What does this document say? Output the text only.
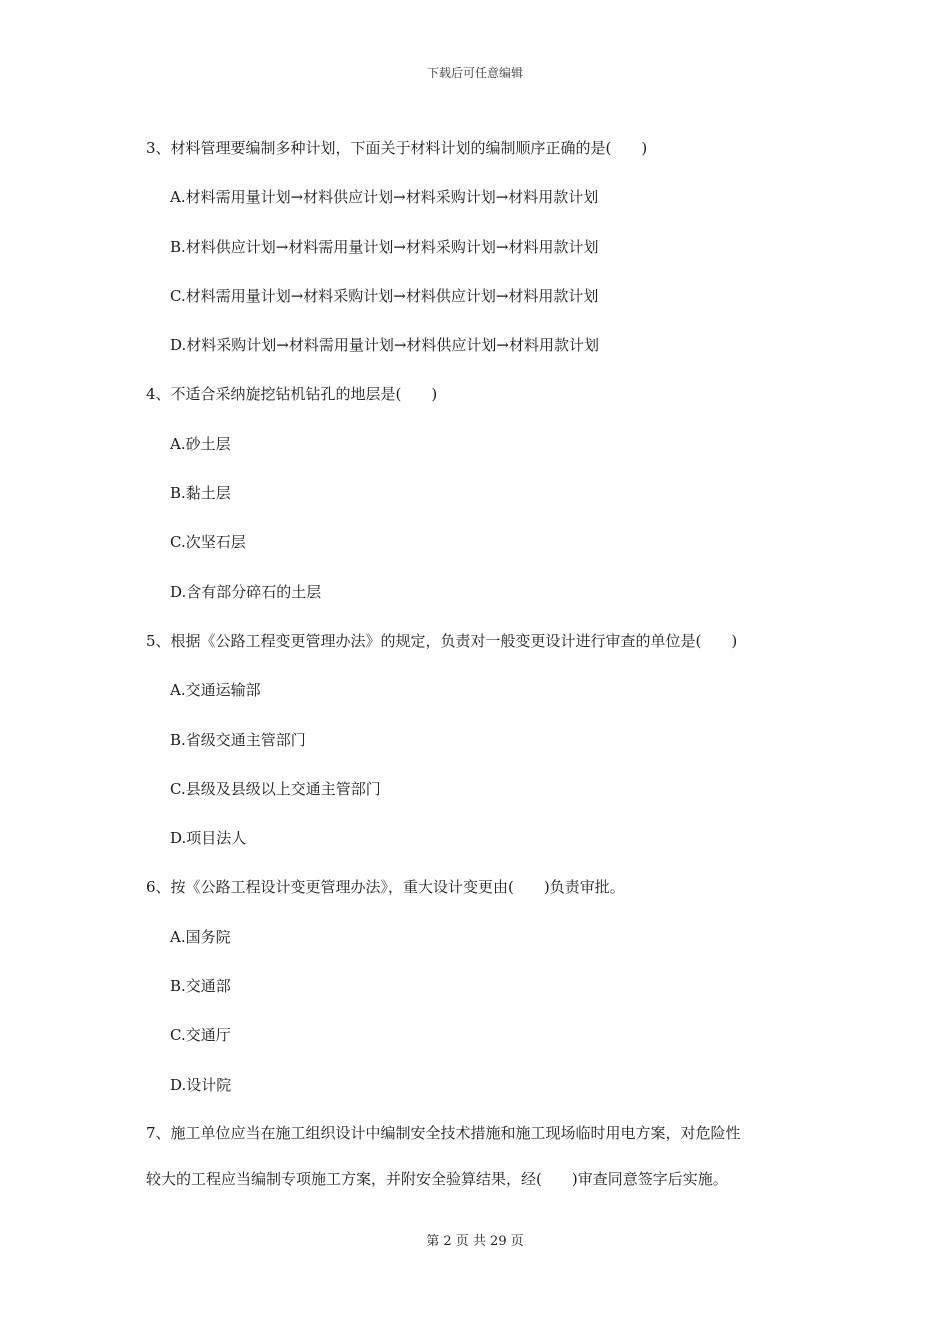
下载后可任意编辑

3、材料管理要编制多种计划，下面关于材料计划的编制顺序正确的是(　　)

A.材料需用量计划→材料供应计划→材料采购计划→材料用款计划

B.材料供应计划→材料需用量计划→材料采购计划→材料用款计划

C.材料需用量计划→材料采购计划→材料供应计划→材料用款计划

D.材料采购计划→材料需用量计划→材料供应计划→材料用款计划

4、不适合采纳旋挖钻机钻孔的地层是(　　)

A.砂土层

B.黏土层

C.次坚石层

D.含有部分碎石的土层

5、根据《公路工程变更管理办法》的规定，负责对一般变更设计进行审查的单位是(　　)

A.交通运输部

B.省级交通主管部门

C.县级及县级以上交通主管部门

D.项目法人

6、按《公路工程设计变更管理办法》，重大设计变更由(　　)负责审批。

A.国务院

B.交通部

C.交通厅

D.设计院

7、施工单位应当在施工组织设计中编制安全技术措施和施工现场临时用电方案，对危险性

较大的工程应当编制专项施工方案，并附安全验算结果，经(　　)审查同意签字后实施。

第 2 页 共 29 页
